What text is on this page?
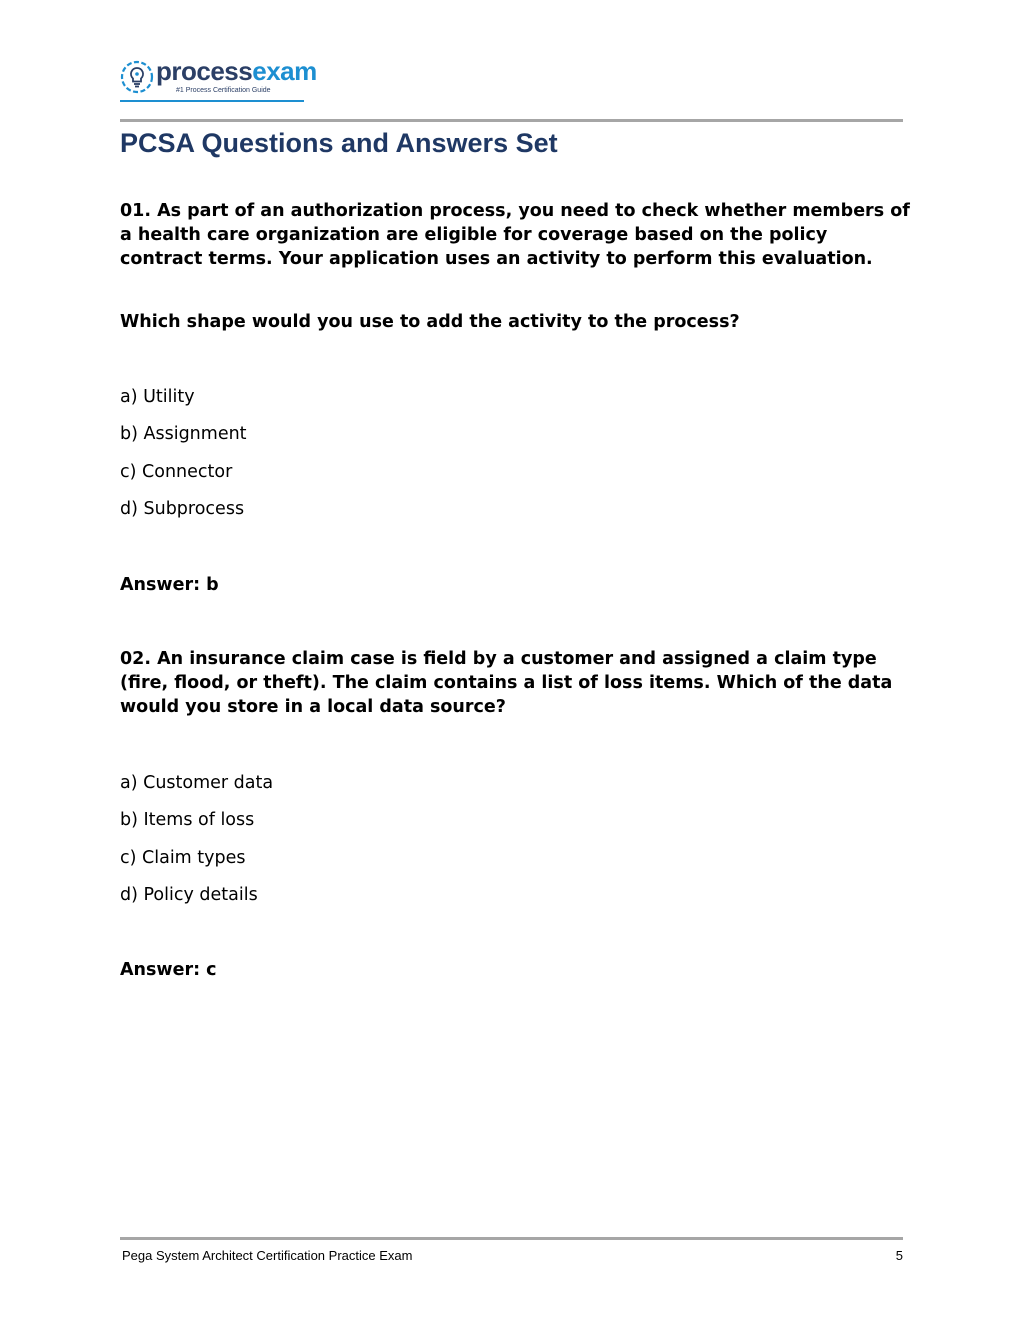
processexam
#1 Process Certification Guide
PCSA Questions and Answers Set

01. As part of an authorization process, you need to check whether members of a health care organization are eligible for coverage based on the policy contract terms. Your application uses an activity to perform this evaluation.

Which shape would you use to add the activity to the process?

a) Utility

b) Assignment

c) Connector

d) Subprocess

Answer: b

02. An insurance claim case is field by a customer and assigned a claim type (fire, flood, or theft). The claim contains a list of loss items. Which of the data would you store in a local data source?

a) Customer data

b) Items of loss

c) Claim types

d) Policy details

Answer: c

Pega System Architect Certification Practice Exam	5
